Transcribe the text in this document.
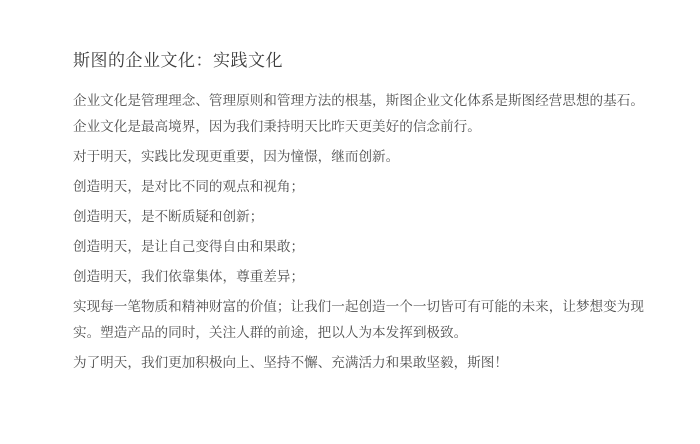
斯图的企业文化：实践文化

企业文化是管理理念、管理原则和管理方法的根基，斯图企业文化体系是斯图经营思想的基石。企业文化是最高境界，因为我们秉持明天比昨天更美好的信念前行。

对于明天，实践比发现更重要，因为憧憬，继而创新。

创造明天，是对比不同的观点和视角；

创造明天，是不断质疑和创新；

创造明天，是让自己变得自由和果敢；

创造明天，我们依靠集体，尊重差异；

实现每一笔物质和精神财富的价值；让我们一起创造一个一切皆可有可能的未来，让梦想变为现实。塑造产品的同时，关注人群的前途，把以人为本发挥到极致。

为了明天，我们更加积极向上、坚持不懈、充满活力和果敢坚毅，斯图！
